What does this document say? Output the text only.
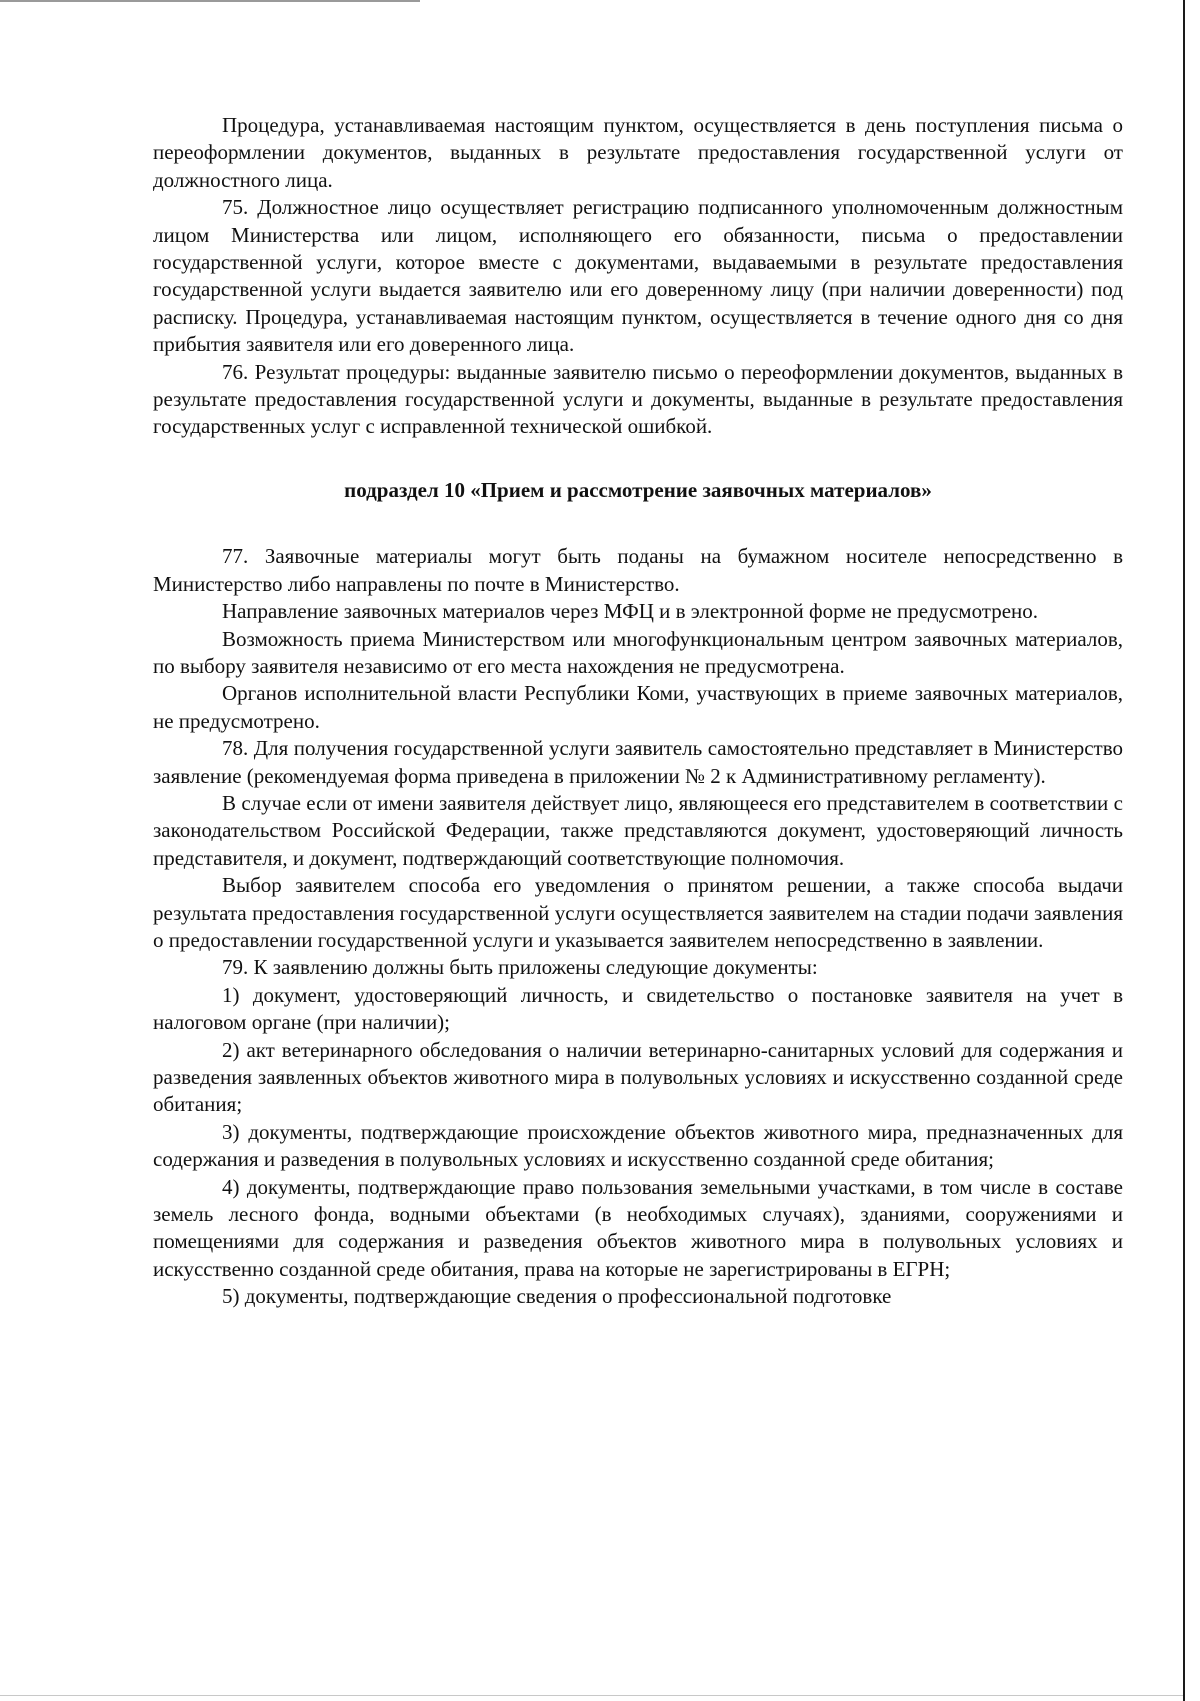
Процедура, устанавливаемая настоящим пунктом, осуществляется в день поступления письма о переоформлении документов, выданных в результате предоставления государственной услуги от должностного лица.

75. Должностное лицо осуществляет регистрацию подписанного уполномоченным должностным лицом Министерства или лицом, исполняющего его обязанности, письма о предоставлении государственной услуги, которое вместе с документами, выдаваемыми в результате предоставления государственной услуги выдается заявителю или его доверенному лицу (при наличии доверенности) под расписку. Процедура, устанавливаемая настоящим пунктом, осуществляется в течение одного дня со дня прибытия заявителя или его доверенного лица.

76. Результат процедуры: выданные заявителю письмо о переоформлении документов, выданных в результате предоставления государственной услуги и документы, выданные в результате предоставления государственных услуг с исправленной технической ошибкой.

подраздел 10 «Прием и рассмотрение заявочных материалов»

77. Заявочные материалы могут быть поданы на бумажном носителе непосредственно в Министерство либо направлены по почте в Министерство.

Направление заявочных материалов через МФЦ и в электронной форме не предусмотрено.

Возможность приема Министерством или многофункциональным центром заявочных материалов, по выбору заявителя независимо от его места нахождения не предусмотрена.

Органов исполнительной власти Республики Коми, участвующих в приеме заявочных материалов, не предусмотрено.

78. Для получения государственной услуги заявитель самостоятельно представляет в Министерство заявление (рекомендуемая форма приведена в приложении № 2 к Административному регламенту).

В случае если от имени заявителя действует лицо, являющееся его представителем в соответствии с законодательством Российской Федерации, также представляются документ, удостоверяющий личность представителя, и документ, подтверждающий соответствующие полномочия.

Выбор заявителем способа его уведомления о принятом решении, а также способа выдачи результата предоставления государственной услуги осуществляется заявителем на стадии подачи заявления о предоставлении государственной услуги и указывается заявителем непосредственно в заявлении.

79. К заявлению должны быть приложены следующие документы:

1) документ, удостоверяющий личность, и свидетельство о постановке заявителя на учет в налоговом органе (при наличии);

2) акт ветеринарного обследования о наличии ветеринарно-санитарных условий для содержания и разведения заявленных объектов животного мира в полувольных условиях и искусственно созданной среде обитания;

3) документы, подтверждающие происхождение объектов животного мира, предназначенных для содержания и разведения в полувольных условиях и искусственно созданной среде обитания;

4) документы, подтверждающие право пользования земельными участками, в том числе в составе земель лесного фонда, водными объектами (в необходимых случаях), зданиями, сооружениями и помещениями для содержания и разведения объектов животного мира в полувольных условиях и искусственно созданной среде обитания, права на которые не зарегистрированы в ЕГРН;

5) документы, подтверждающие сведения о профессиональной подготовке
